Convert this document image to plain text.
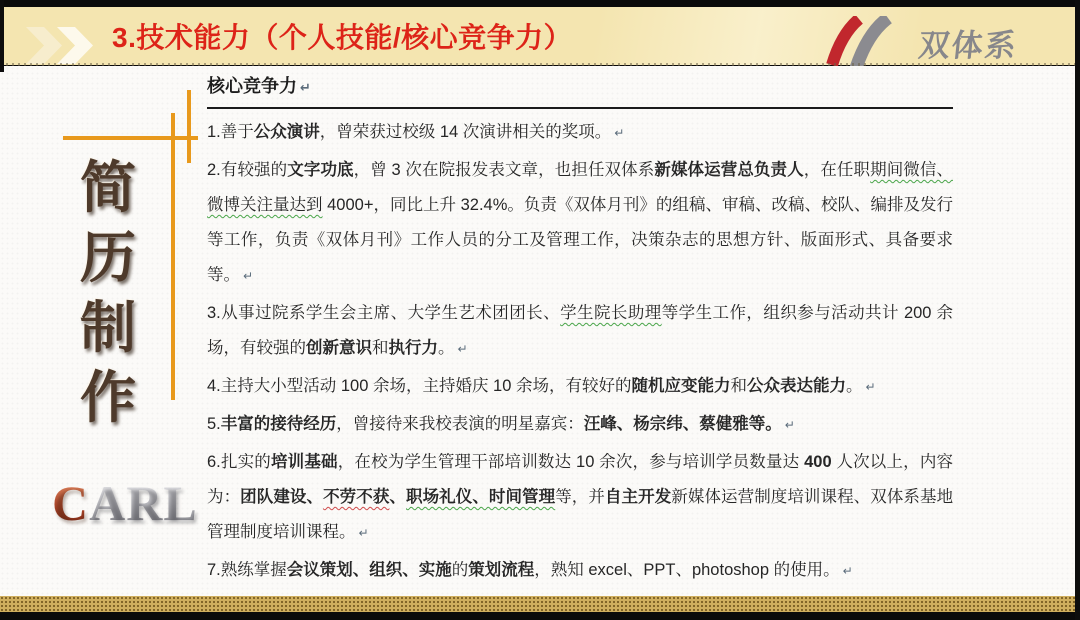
3.技术能力（个人技能/核心竞争力）	双体系
简
历
制
作
CARL
核心竞争力 ↵

1.善于公众演讲，曾荣获过校级 14 次演讲相关的奖项。 ↵

2.有较强的文字功底，曾 3 次在院报发表文章，也担任双体系新媒体运营总负责人，在任职期间微信、微博关注量达到 4000+，同比上升 32.4%。负责《双体月刊》的组稿、审稿、改稿、校队、编排及发行等工作，负责《双体月刊》工作人员的分工及管理工作，决策杂志的思想方针、版面形式、具备要求等。 ↵

3.从事过院系学生会主席、大学生艺术团团长、学生院长助理等学生工作，组织参与活动共计 200 余场，有较强的创新意识和执行力。 ↵

4.主持大小型活动 100 余场，主持婚庆 10 余场，有较好的随机应变能力和公众表达能力。 ↵

5.丰富的接待经历，曾接待来我校表演的明星嘉宾：汪峰、杨宗纬、蔡健雅等。 ↵

6.扎实的培训基础，在校为学生管理干部培训数达 10 余次，参与培训学员数量达 400 人次以上，内容为：团队建设、不劳不获、职场礼仪、时间管理等，并自主开发新媒体运营制度培训课程、双体系基地管理制度培训课程。 ↵

7.熟练掌握会议策划、组织、实施的策划流程，熟知 excel、PPT、photoshop 的使用。 ↵
